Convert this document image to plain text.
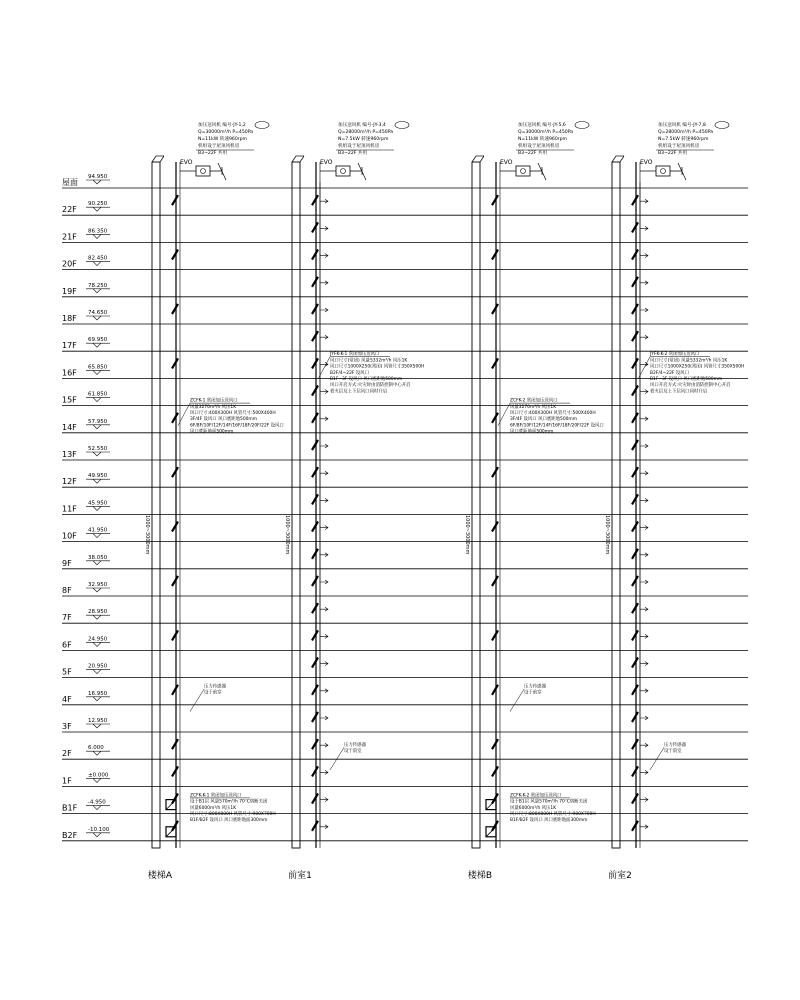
屋面
94.950
22F
90.250
21F
86.350
20F
82.450
19F
78.250
18F
74.650
17F
69.950
16F
65.850
15F
61.850
14F
57.950
13F
52.550
12F
49.950
11F
45.950
10F
41.950
9F
38.050
8F
32.950
7F
28.950
6F
24.950
5F
20.950
4F
16.950
3F
12.950
2F
6.000
1F
±0.000
B1F
-4.950
B2F
-10.100
EVO
加压送风机 编号-JY-1,2
Q=30000m³/h P=450Pa
N=11kW 转速960rpm
机组设于屋顶风机房
B3~22F 共用
1000~3000mm
ZCFK-1 常闭加压送风口
风量3270m³/h 风压1K
风口尺寸:400X300H 风管尺寸:500X400H
3F/4F 设风口 风口底距地500mm
6F/8F/10F/12F/14F/16F/18F/20F/22F 设风口
风口底距地面500mm
压力传感器
设于前室
ZCFK-K-1 常闭加压送风口
设于B1层 风量570m³/h 70℃熔断关闭
风量6000m³/h 风压1K
风口尺寸:800X800H 风管尺寸:900X700H
B1F/B2F 设风口 风口底距地面300mm
楼梯A
EVO
加压送风机 编号-JY-3,4
Q=28000m³/h P=450Pa
N=7.5kW 转速960rpm
机组设于屋顶风机房
B3~22F 共用
1000~3000mm
JYFK-K-1 常闭加压送风口
风口尺寸(常闭) 风量5332m³/h 风压1K
风口尺寸1000X250(常闭) 风管尺寸350X500H
B2F/4~22F 设风口
B1F~3F 设风口 风口底距地500mm
风口开启方式:火灾时由消防控制中心开启
着火层及上下层风口同时开启
压力传感器
设于前室
前室1
EVO
加压送风机 编号-JY-5,6
Q=30000m³/h P=450Pa
N=11kW 转速960rpm
机组设于屋顶风机房
B3~22F 共用
1000~3000mm
ZCFK-2 常闭加压送风口
风量3270m³/h 风压1K
风口尺寸:400X300H 风管尺寸:500X400H
3F/4F 设风口 风口底距地500mm
6F/8F/10F/12F/14F/16F/18F/20F/22F 设风口
风口底距地面500mm
压力传感器
设于前室
ZCFK-K-2 常闭加压送风口
设于B1层 风量570m³/h 70℃熔断关闭
风量6000m³/h 风压1K
风口尺寸:800X800H 风管尺寸:900X700H
B1F/B2F 设风口 风口底距地面300mm
楼梯B
EVO
加压送风机 编号-JY-7,8
Q=28000m³/h P=450Pa
N=7.5kW 转速960rpm
机组设于屋顶风机房
B3~22F 共用
1000~3000mm
JYFK-K-2 常闭加压送风口
风口尺寸(常闭) 风量5332m³/h 风压1K
风口尺寸1000X250(常闭) 风管尺寸350X500H
B2F/4~22F 设风口
B1F~3F 设风口 风口底距地500mm
风口开启方式:火灾时由消防控制中心开启
着火层及上下层风口同时开启
压力传感器
设于前室
前室2
